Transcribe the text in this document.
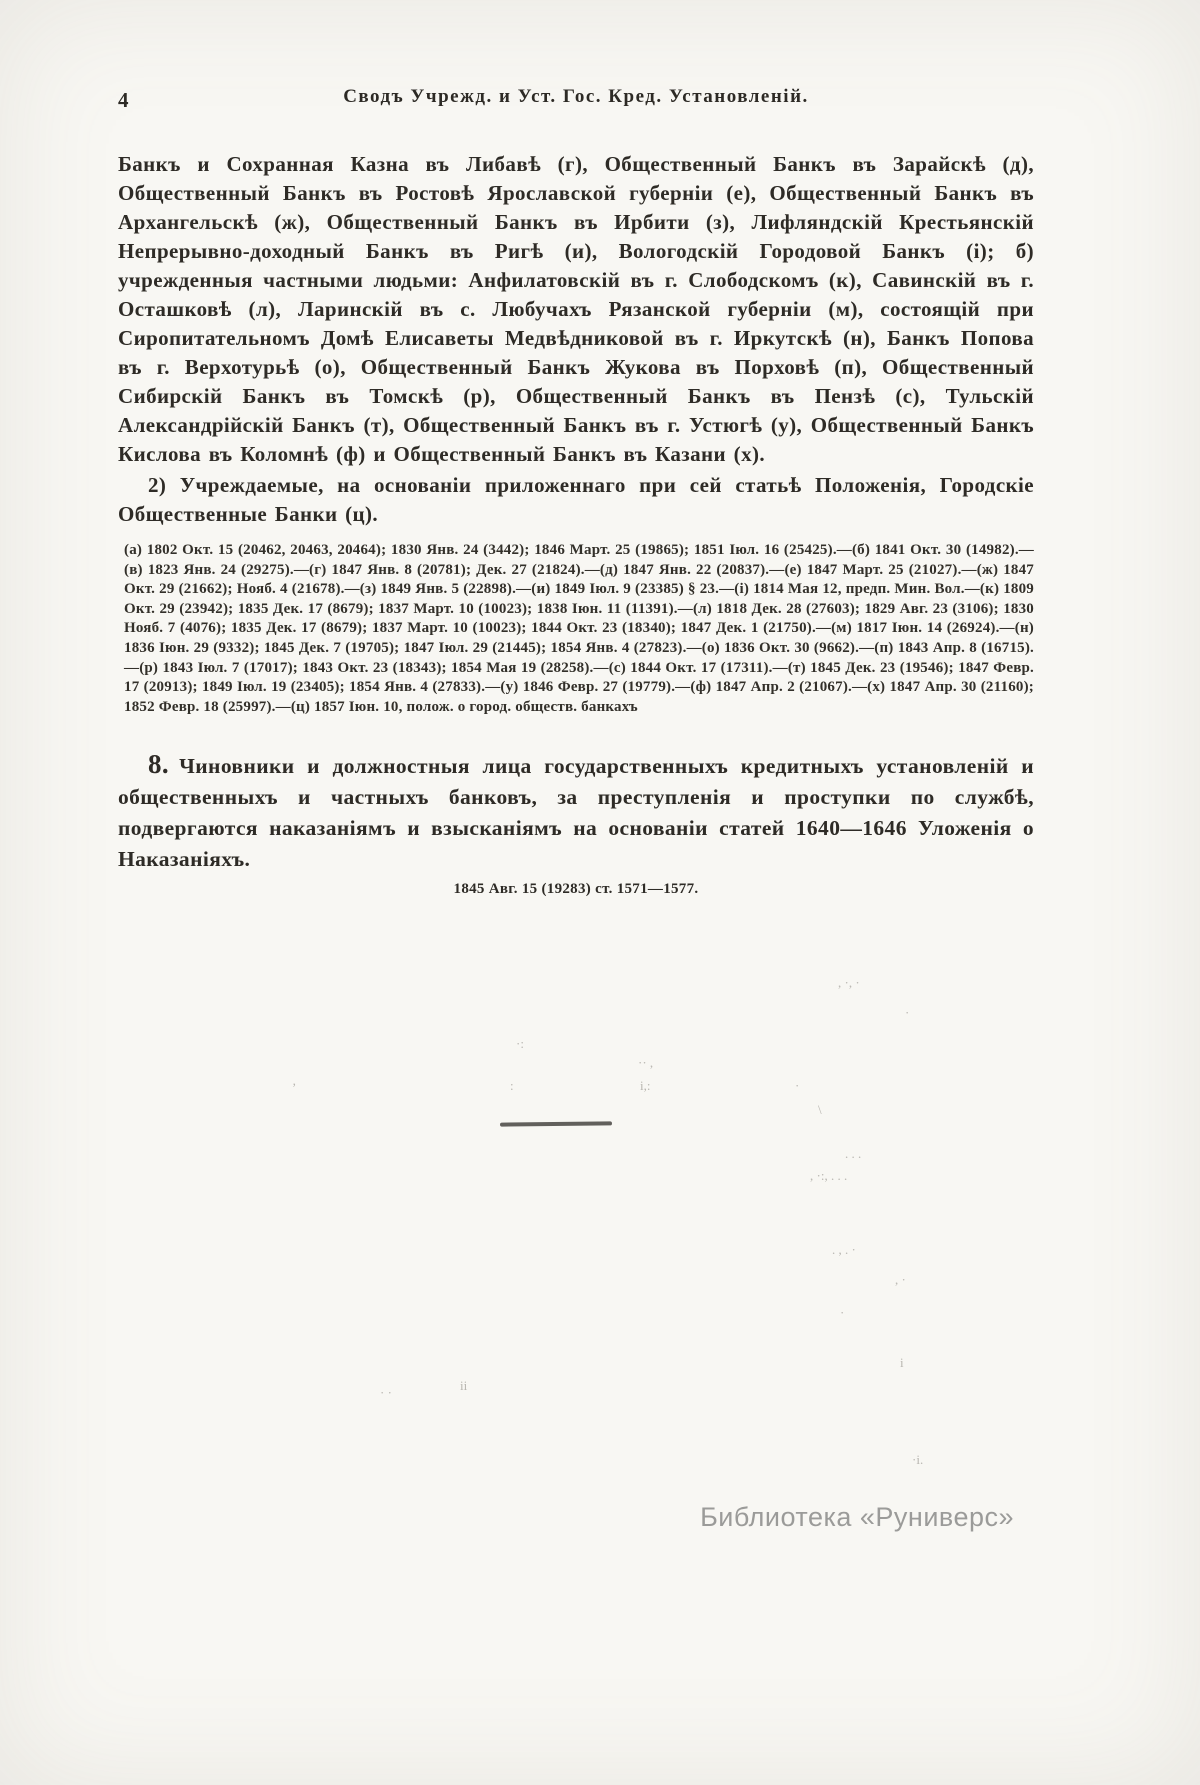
4	Сводъ Учрежд. и Уст. Гос. Кред. Установленій.
Банкъ и Сохранная Казна въ Либавѣ (г), Общественный Банкъ въ Зарайскѣ (д), Общественный Банкъ въ Ростовѣ Ярославской губерніи (е), Общественный Банкъ въ Архангельскѣ (ж), Общественный Банкъ въ Ирбити (з), Лифляндскій Крестьянскій Непрерывно-доходный Банкъ въ Ригѣ (и), Вологодскій Городовой Банкъ (і); б) учрежденныя частными людьми: Анфилатовскій въ г. Слободскомъ (к), Савинскій въ г. Осташковѣ (л), Ларинскій въ с. Любучахъ Рязанской губерніи (м), состоящій при Сиропитательномъ Домѣ Елисаветы Медвѣдниковой въ г. Иркутскѣ (н), Банкъ Попова въ г. Верхотурьѣ (о), Общественный Банкъ Жукова въ Порховѣ (п), Общественный Сибирскій Банкъ въ Томскѣ (р), Общественный Банкъ въ Пензѣ (с), Тульскій Александрійскій Банкъ (т), Общественный Банкъ въ г. Устюгѣ (у), Общественный Банкъ Кислова въ Коломнѣ (ф) и Общественный Банкъ въ Казани (х).
2) Учреждаемые, на основаніи приложеннаго при сей статьѣ Положенія, Городскіе Общественные Банки (ц).
(а) 1802 Окт. 15 (20462, 20463, 20464); 1830 Янв. 24 (3442); 1846 Март. 25 (19865); 1851 Іюл. 16 (25425).—(б) 1841 Окт. 30 (14982).—(в) 1823 Янв. 24 (29275).—(г) 1847 Янв. 8 (20781); Дек. 27 (21824).—(д) 1847 Янв. 22 (20837).—(е) 1847 Март. 25 (21027).—(ж) 1847 Окт. 29 (21662); Нояб. 4 (21678).—(з) 1849 Янв. 5 (22898).—(и) 1849 Іюл. 9 (23385) § 23.—(і) 1814 Мая 12, предп. Мин. Вол.—(к) 1809 Окт. 29 (23942); 1835 Дек. 17 (8679); 1837 Март. 10 (10023); 1838 Іюн. 11 (11391).—(л) 1818 Дек. 28 (27603); 1829 Авг. 23 (3106); 1830 Нояб. 7 (4076); 1835 Дек. 17 (8679); 1837 Март. 10 (10023); 1844 Окт. 23 (18340); 1847 Дек. 1 (21750).—(м) 1817 Іюн. 14 (26924).—(н) 1836 Іюн. 29 (9332); 1845 Дек. 7 (19705); 1847 Іюл. 29 (21445); 1854 Янв. 4 (27823).—(о) 1836 Окт. 30 (9662).—(п) 1843 Апр. 8 (16715).—(р) 1843 Іюл. 7 (17017); 1843 Окт. 23 (18343); 1854 Мая 19 (28258).—(с) 1844 Окт. 17 (17311).—(т) 1845 Дек. 23 (19546); 1847 Февр. 17 (20913); 1849 Іюл. 19 (23405); 1854 Янв. 4 (27833).—(у) 1846 Февр. 27 (19779).—(ф) 1847 Апр. 2 (21067).—(х) 1847 Апр. 30 (21160); 1852 Февр. 18 (25997).—(ц) 1857 Іюн. 10, полож. о город. обществ. банкахъ
8. Чиновники и должностныя лица государственныхъ кредитныхъ установленій и общественныхъ и частныхъ банковъ, за преступленія и проступки по службѣ, подвергаются наказаніямъ и взысканіямъ на основаніи статей 1640—1646 Уложенія о Наказаніяхъ.
1845 Авг. 15 (19283) ст. 1571—1577.
’
·:
·· ,
:	i,:	·
\
. . .
, ·:, . . .
. , . ·
, ·
·
i
ii
· ·
, ·, ·
·
·i.
Библиотека «Руниверс»
